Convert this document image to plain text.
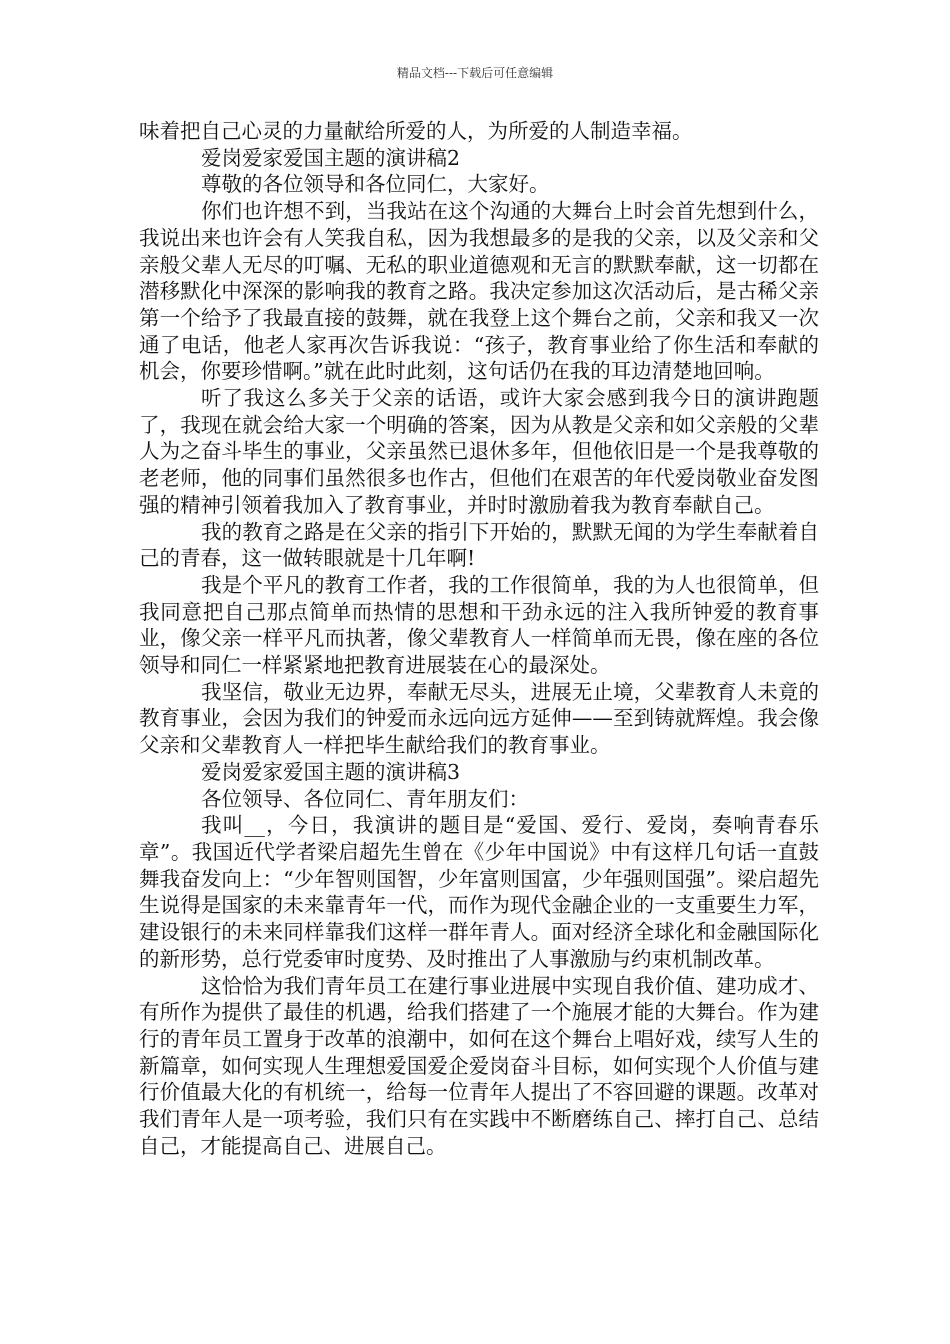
精品文档---下载后可任意编辑

味着把自己心灵的力量献给所爱的人，为所爱的人制造幸福。

爱岗爱家爱国主题的演讲稿2

尊敬的各位领导和各位同仁，大家好。

你们也许想不到，当我站在这个沟通的大舞台上时会首先想到什么，我说出来也许会有人笑我自私，因为我想最多的是我的父亲，以及父亲和父亲般父辈人无尽的叮嘱、无私的职业道德观和无言的默默奉献，这一切都在潜移默化中深深的影响我的教育之路。我决定参加这次活动后，是古稀父亲第一个给予了我最直接的鼓舞，就在我登上这个舞台之前，父亲和我又一次通了电话，他老人家再次告诉我说：“孩子，教育事业给了你生活和奉献的机会，你要珍惜啊。”就在此时此刻，这句话仍在我的耳边清楚地回响。

听了我这么多关于父亲的话语，或许大家会感到我今日的演讲跑题了，我现在就会给大家一个明确的答案，因为从教是父亲和如父亲般的父辈人为之奋斗毕生的事业，父亲虽然已退休多年，但他依旧是一个是我尊敬的老老师，他的同事们虽然很多也作古，但他们在艰苦的年代爱岗敬业奋发图强的精神引领着我加入了教育事业，并时时激励着我为教育奉献自己。

我的教育之路是在父亲的指引下开始的，默默无闻的为学生奉献着自己的青春，这一做转眼就是十几年啊!

我是个平凡的教育工作者，我的工作很简单，我的为人也很简单，但我同意把自己那点简单而热情的思想和干劲永远的注入我所钟爱的教育事业，像父亲一样平凡而执著，像父辈教育人一样简单而无畏，像在座的各位领导和同仁一样紧紧地把教育进展装在心的最深处。

我坚信，敬业无边界，奉献无尽头，进展无止境，父辈教育人未竟的教育事业，会因为我们的钟爱而永远向远方延伸——至到铸就辉煌。我会像父亲和父辈教育人一样把毕生献给我们的教育事业。

爱岗爱家爱国主题的演讲稿3

各位领导、各位同仁、青年朋友们：

我叫__，今日，我演讲的题目是“爱国、爱行、爱岗，奏响青春乐章”。我国近代学者梁启超先生曾在《少年中国说》中有这样几句话一直鼓舞我奋发向上：“少年智则国智，少年富则国富，少年强则国强”。梁启超先生说得是国家的未来靠青年一代，而作为现代金融企业的一支重要生力军，建设银行的未来同样靠我们这样一群年青人。面对经济全球化和金融国际化的新形势，总行党委审时度势、及时推出了人事激励与约束机制改革。

这恰恰为我们青年员工在建行事业进展中实现自我价值、建功成才、有所作为提供了最佳的机遇，给我们搭建了一个施展才能的大舞台。作为建行的青年员工置身于改革的浪潮中，如何在这个舞台上唱好戏，续写人生的新篇章，如何实现人生理想爱国爱企爱岗奋斗目标，如何实现个人价值与建行价值最大化的有机统一，给每一位青年人提出了不容回避的课题。改革对我们青年人是一项考验，我们只有在实践中不断磨练自己、摔打自己、总结自己，才能提高自己、进展自己。
